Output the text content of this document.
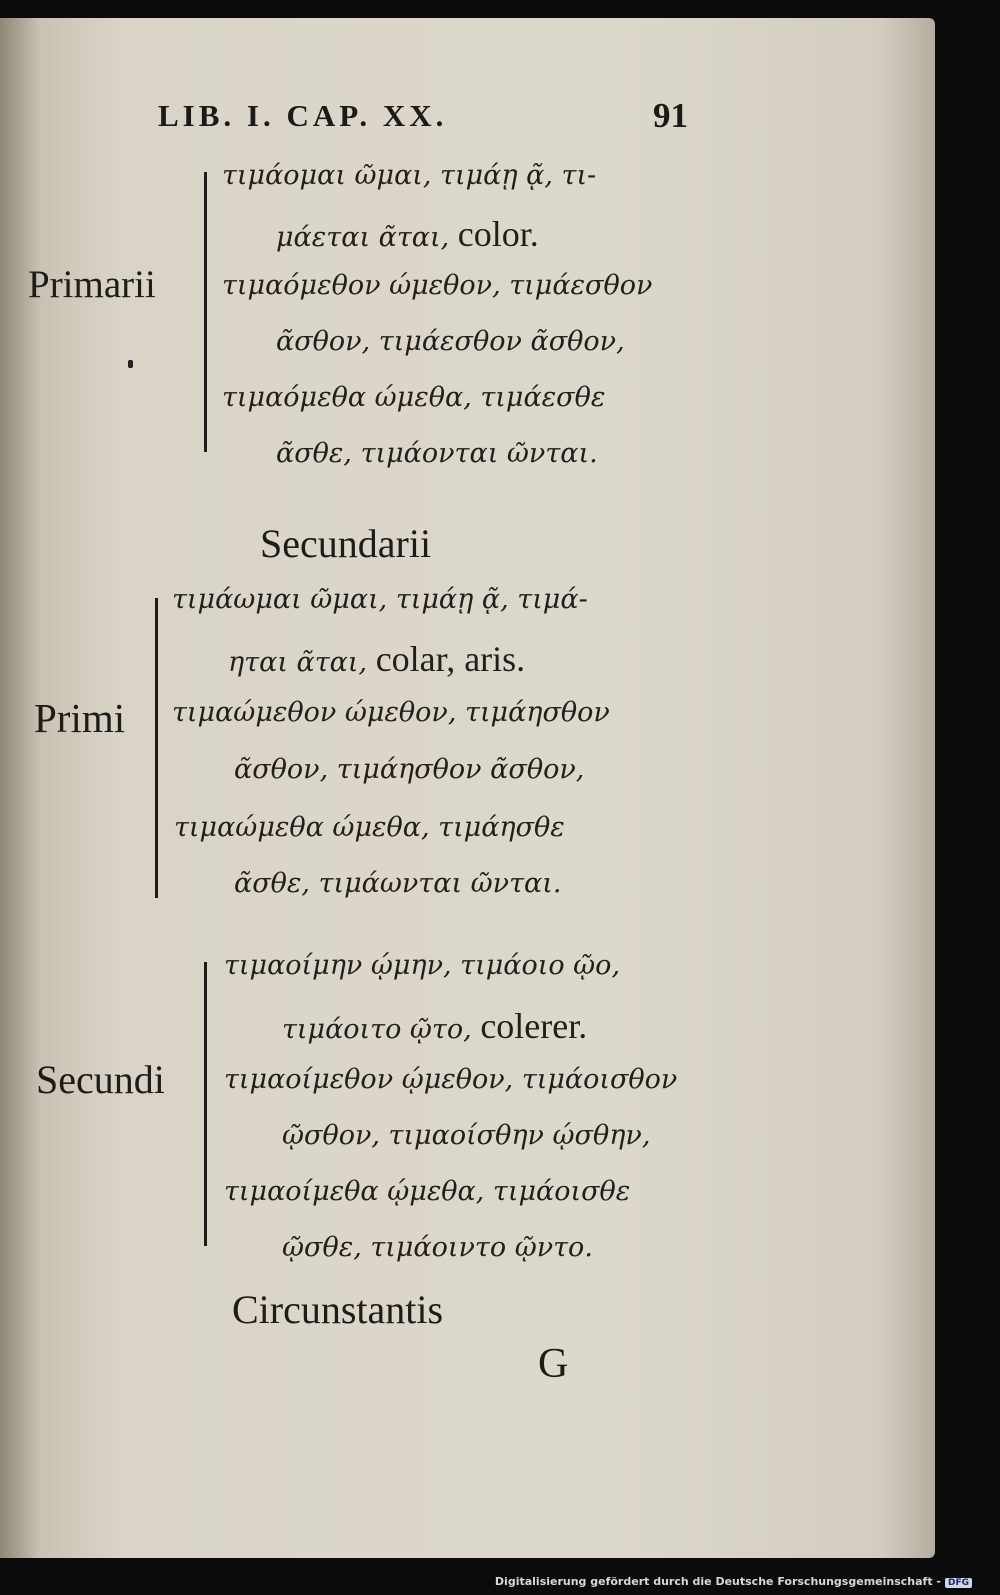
LIB. I. CAP. XX.	91
Primarii
τιμάομαι ῶμαι, τιμάῃ ᾷ, τι-
μάεται ᾶται, color.
τιμαόμεθον ώμεθον, τιμάεσθον
ᾶσθον, τιμάεσθον ᾶσθον,
τιμαόμεθα ώμεθα, τιμάεσθε
ᾶσθε, τιμάονται ῶνται.
Secundarii
Primi
τιμάωμαι ῶμαι, τιμάῃ ᾷ, τιμά-
ηται ᾶται, colar, aris.
τιμαώμεθον ώμεθον, τιμάησθον
ᾶσθον, τιμάησθον ᾶσθον,
τιμαώμεθα ώμεθα, τιμάησθε
ᾶσθε, τιμάωνται ῶνται.
Secundi
τιμαοίμην ῴμην, τιμάοιο ῷο,
τιμάοιτο ῷτο, colerer.
τιμαοίμεθον ῴμεθον, τιμάοισθον
ῷσθον, τιμαοίσθην ῴσθην,
τιμαοίμεθα ῴμεθα, τιμάοισθε
ῷσθε, τιμάοιντο ῷντο.
Circunstantis
G
Digitalisierung gefördert durch die Deutsche Forschungsgemeinschaft - DFG
